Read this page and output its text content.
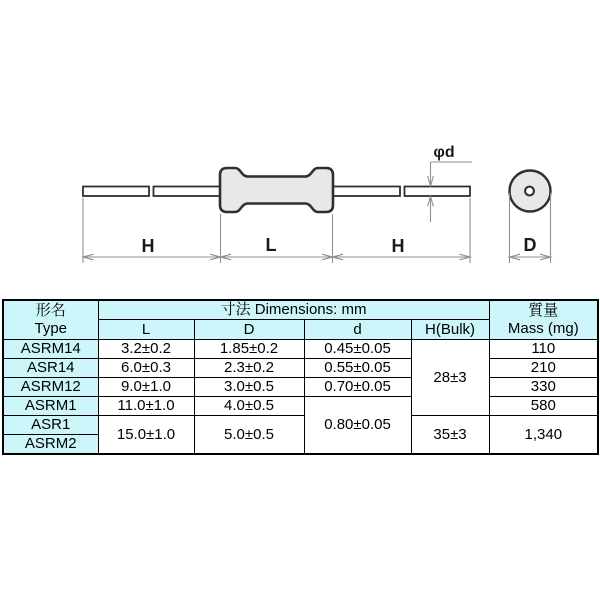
H	L	H
φd
D
形名
Type
	寸法 Dimensions: mm	質量
Mass (mg)

	L	D	d	H(Bulk)	
ASRM14	3.2±0.2	1.85±0.2	0.45±0.05	28±3	110
ASR14	6.0±0.3	2.3±0.2	0.55±0.05		210
ASRM12	9.0±1.0	3.0±0.5	0.70±0.05		330
ASRM1	11.0±1.0	4.0±0.5	0.80±0.05		580
ASR1	15.0±1.0	5.0±0.5		35±3	1,340
ASRM2					
